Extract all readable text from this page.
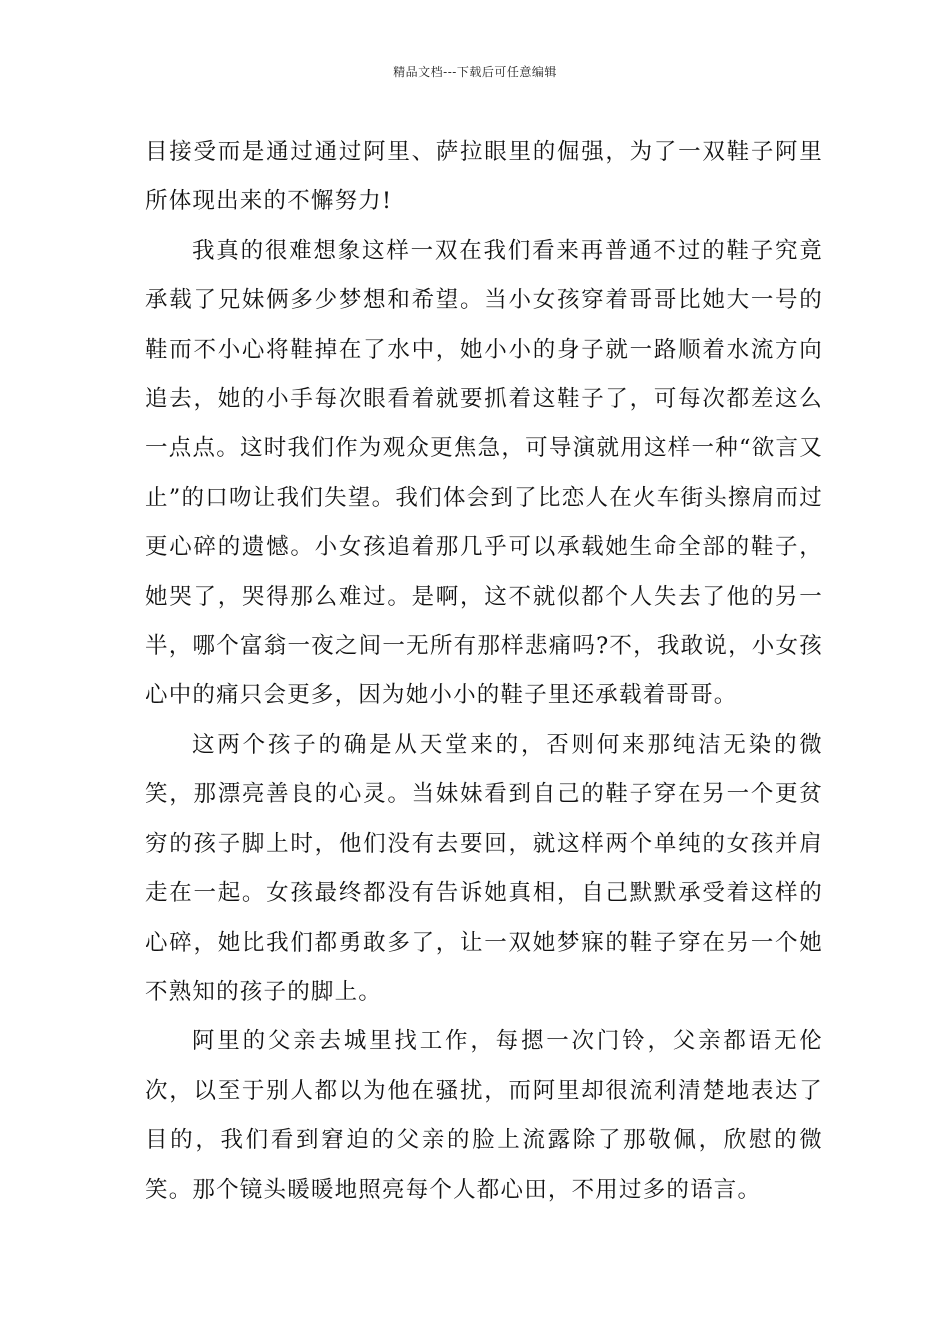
精品文档---下载后可任意编辑

目接受而是通过通过阿里、萨拉眼里的倔强，为了一双鞋子阿里所体现出来的不懈努力!

我真的很难想象这样一双在我们看来再普通不过的鞋子究竟承载了兄妹俩多少梦想和希望。当小女孩穿着哥哥比她大一号的鞋而不小心将鞋掉在了水中，她小小的身子就一路顺着水流方向追去，她的小手每次眼看着就要抓着这鞋子了，可每次都差这么一点点。这时我们作为观众更焦急，可导演就用这样一种“欲言又止”的口吻让我们失望。我们体会到了比恋人在火车街头擦肩而过更心碎的遗憾。小女孩追着那几乎可以承载她生命全部的鞋子，她哭了，哭得那么难过。是啊，这不就似都个人失去了他的另一半，哪个富翁一夜之间一无所有那样悲痛吗?不，我敢说，小女孩心中的痛只会更多，因为她小小的鞋子里还承载着哥哥。

这两个孩子的确是从天堂来的，否则何来那纯洁无染的微笑，那漂亮善良的心灵。当妹妹看到自己的鞋子穿在另一个更贫穷的孩子脚上时，他们没有去要回，就这样两个单纯的女孩并肩走在一起。女孩最终都没有告诉她真相，自己默默承受着这样的心碎，她比我们都勇敢多了，让一双她梦寐的鞋子穿在另一个她不熟知的孩子的脚上。

阿里的父亲去城里找工作，每摁一次门铃，父亲都语无伦次，以至于别人都以为他在骚扰，而阿里却很流利清楚地表达了目的，我们看到窘迫的父亲的脸上流露除了那敬佩，欣慰的微笑。那个镜头暖暖地照亮每个人都心田，不用过多的语言。
